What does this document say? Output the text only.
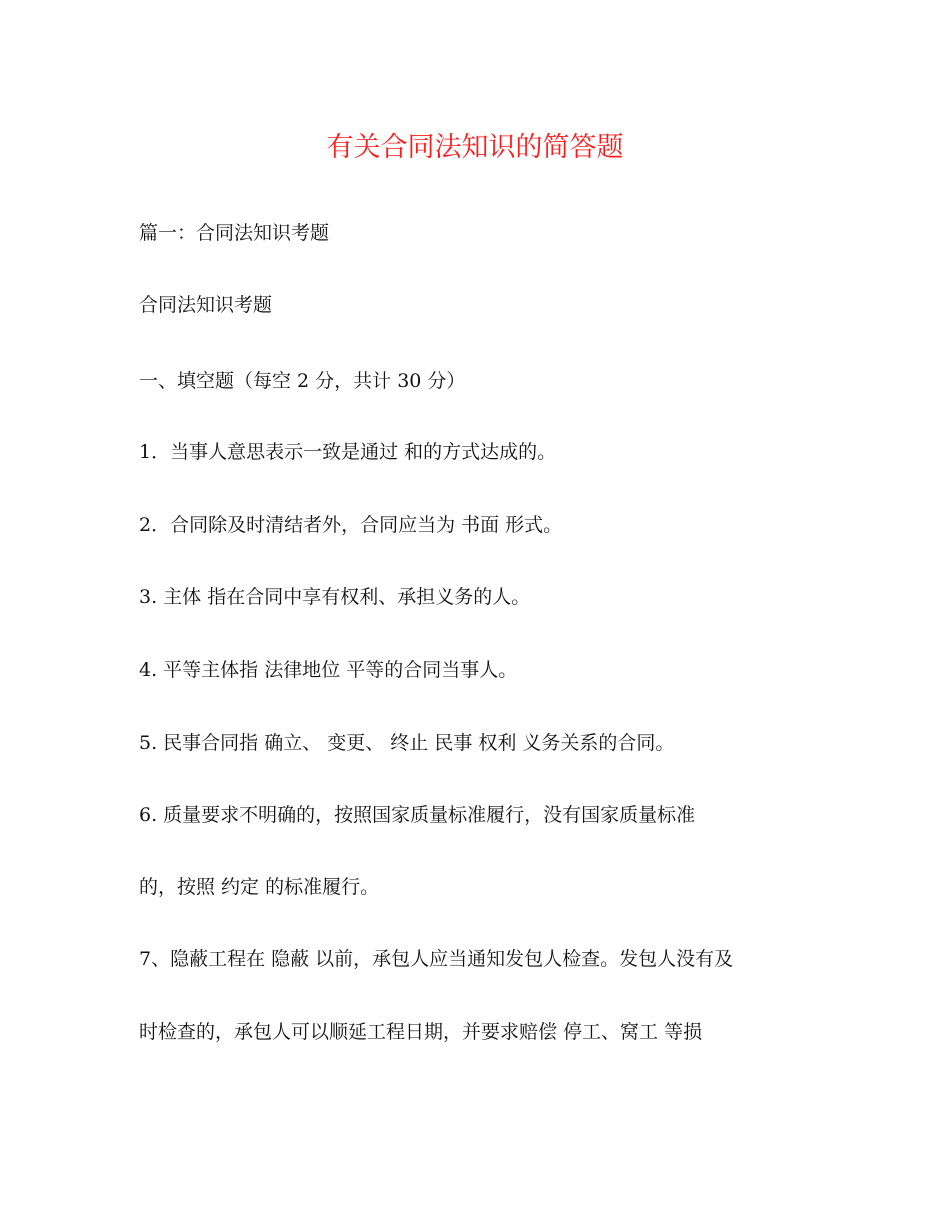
有关合同法知识的简答题
篇一：合同法知识考题
合同法知识考题
一、填空题（每空 2 分，共计 30 分）
1．当事人意思表示一致是通过 和的方式达成的。
2．合同除及时清结者外，合同应当为 书面 形式。
3. 主体 指在合同中享有权利、承担义务的人。
4. 平等主体指 法律地位 平等的合同当事人。
5. 民事合同指 确立、 变更、 终止 民事 权利 义务关系的合同。
6. 质量要求不明确的，按照国家质量标准履行，没有国家质量标准
的，按照 约定 的标准履行。
7、隐蔽工程在 隐蔽 以前，承包人应当通知发包人检查。发包人没有及
时检查的，承包人可以顺延工程日期，并要求赔偿 停工、窝工 等损
